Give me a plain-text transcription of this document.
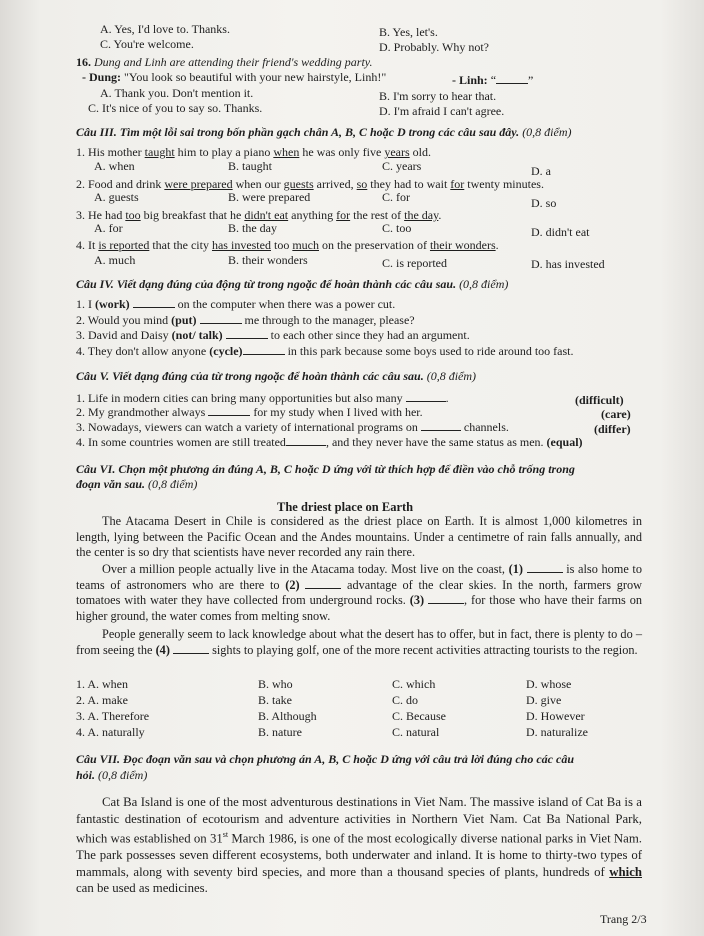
A. Yes, I'd love to. Thanks.	B. Yes, let's.
C. You're welcome.	D. Probably. Why not?
16. Dung and Linh are attending their friend's wedding party.
- Dung: "You look so beautiful with your new hairstyle, Linh!"	- Linh: “	”
A. Thank you. Don't mention it.	B. I'm sorry to hear that.
C. It's nice of you to say so. Thanks.	D. I'm afraid I can't agree.
Câu III. Tìm một lỗi sai trong bốn phần gạch chân A, B, C hoặc D trong các câu sau đây. (0,8 điểm)
1. His mother taught him to play a piano when he was only five years old.
A. when	B. taught	C. years	D. a
2. Food and drink were prepared when our guests arrived, so they had to wait for twenty minutes.
A. guests	B. were prepared	C. for	D. so
3. He had too big breakfast that he didn't eat anything for the rest of the day.
A. for	B. the day	C. too	D. didn't eat
4. It is reported that the city has invested too much on the preservation of their wonders.
A. much	B. their wonders	C. is reported	D. has invested
Câu IV. Viết dạng đúng của động từ trong ngoặc để hoàn thành các câu sau. (0,8 điểm)
1. I (work)	on the computer when there was a power cut.
2. Would you mind (put)	me through to the manager, please?
3. David and Daisy (not/ talk)	to each other since they had an argument.
4. They don't allow anyone (cycle)	in this park because some boys used to ride around too fast.
Câu V. Viết dạng đúng của từ trong ngoặc để hoàn thành các câu sau. (0,8 điểm)
1. Life in modern cities can bring many opportunities but also many	.	(difficult)
2. My grandmother always	for my study when I lived with her.	(care)
3. Nowadays, viewers can watch a variety of international programs on	channels.	(differ)
4. In some countries women are still treated	, and they never have the same status as men. (equal)
Câu VI. Chọn một phương án đúng A, B, C hoặc D ứng với từ thích hợp để điền vào chỗ trống trong
đoạn văn sau. (0,8 điểm)
The driest place on Earth
The Atacama Desert in Chile is considered as the driest place on Earth. It is almost 1,000 kilometres in length, lying between the Pacific Ocean and the Andes mountains. Under a centimetre of rain falls annually, and the center is so dry that scientists have never recorded any rain there.
Over a million people actually live in the Atacama today. Most live on the coast, (1)	is also home to teams of astronomers who are there to (2)	advantage of the clear skies. In the north, farmers grow tomatoes with water they have collected from underground rocks. (3)	, for those who have their farms on higher ground, the water comes from melting snow.
People generally seem to lack knowledge about what the desert has to offer, but in fact, there is plenty to do – from seeing the (4)	sights to playing golf, one of the more recent activities attracting tourists to the region.
1. A. when	B. who	C. which	D. whose
2. A. make	B. take	C. do	D. give
3. A. Therefore	B. Although	C. Because	D. However
4. A. naturally	B. nature	C. natural	D. naturalize
Câu VII. Đọc đoạn văn sau và chọn phương án A, B, C hoặc D ứng với câu trả lời đúng cho các câu
hỏi. (0,8 điểm)
Cat Ba Island is one of the most adventurous destinations in Viet Nam. The massive island of Cat Ba is a fantastic destination of ecotourism and adventure activities in Northern Viet Nam. Cat Ba National Park, which was established on 31st March 1986, is one of the most ecologically diverse national parks in Viet Nam. The park possesses seven different ecosystems, both underwater and inland. It is home to thirty-two types of mammals, along with seventy bird species, and more than a thousand species of plants, hundreds of which can be used as medicines.
Trang 2/3
